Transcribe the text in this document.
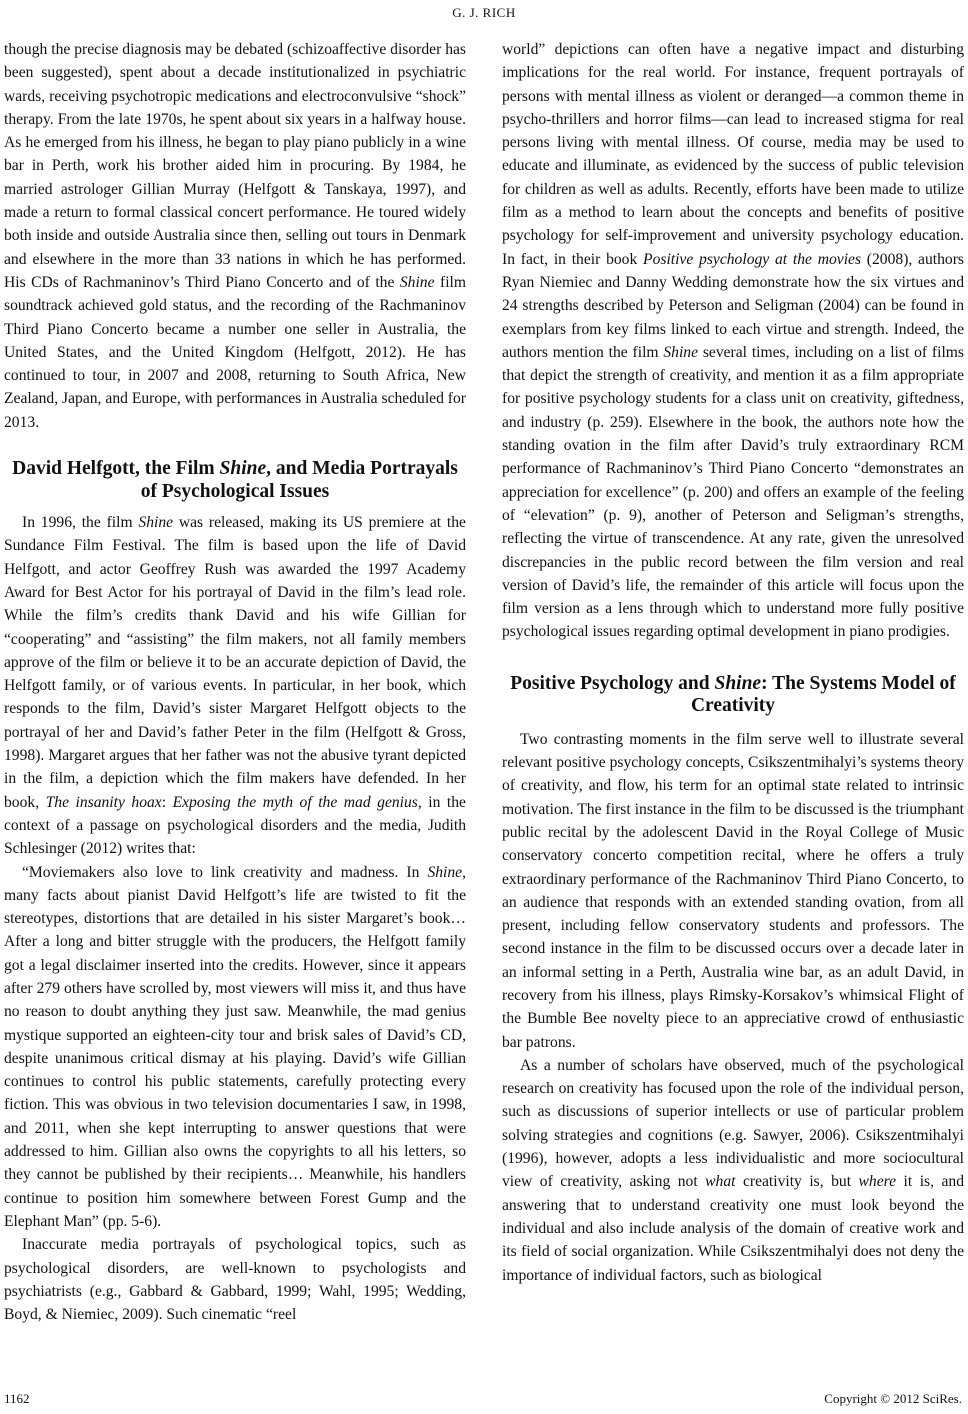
G. J. RICH

though the precise diagnosis may be debated (schizoaffective disorder has been suggested), spent about a decade institutionalized in psychiatric wards, receiving psychotropic medications and electroconvulsive “shock” therapy. From the late 1970s, he spent about six years in a halfway house. As he emerged from his illness, he began to play piano publicly in a wine bar in Perth, work his brother aided him in procuring. By 1984, he married astrologer Gillian Murray (Helfgott & Tanskaya, 1997), and made a return to formal classical concert performance. He toured widely both inside and outside Australia since then, selling out tours in Denmark and elsewhere in the more than 33 nations in which he has performed. His CDs of Rachmaninov’s Third Piano Concerto and of the Shine film soundtrack achieved gold status, and the recording of the Rachmaninov Third Piano Concerto became a number one seller in Australia, the United States, and the United Kingdom (Helfgott, 2012). He has continued to tour, in 2007 and 2008, returning to South Africa, New Zealand, Japan, and Europe, with performances in Australia scheduled for 2013.

David Helfgott, the Film Shine, and Media Portrayals of Psychological Issues

In 1996, the film Shine was released, making its US premiere at the Sundance Film Festival. The film is based upon the life of David Helfgott, and actor Geoffrey Rush was awarded the 1997 Academy Award for Best Actor for his portrayal of David in the film’s lead role. While the film’s credits thank David and his wife Gillian for “cooperating” and “assisting” the film makers, not all family members approve of the film or believe it to be an accurate depiction of David, the Helfgott family, or of various events. In particular, in her book, which responds to the film, David’s sister Margaret Helfgott objects to the portrayal of her and David’s father Peter in the film (Helfgott & Gross, 1998). Margaret argues that her father was not the abusive tyrant depicted in the film, a depiction which the film makers have defended. In her book, The insanity hoax: Exposing the myth of the mad genius, in the context of a passage on psychological disorders and the media, Judith Schlesinger (2012) writes that:

“Moviemakers also love to link creativity and madness. In Shine, many facts about pianist David Helfgott’s life are twisted to fit the stereotypes, distortions that are detailed in his sister Margaret’s book… After a long and bitter struggle with the producers, the Helfgott family got a legal disclaimer inserted into the credits. However, since it appears after 279 others have scrolled by, most viewers will miss it, and thus have no reason to doubt anything they just saw. Meanwhile, the mad genius mystique supported an eighteen-city tour and brisk sales of David’s CD, despite unanimous critical dismay at his playing. David’s wife Gillian continues to control his public statements, carefully protecting every fiction. This was obvious in two television documentaries I saw, in 1998, and 2011, when she kept interrupting to answer questions that were addressed to him. Gillian also owns the copyrights to all his letters, so they cannot be published by their recipients… Meanwhile, his handlers continue to position him somewhere between Forest Gump and the Elephant Man” (pp. 5-6).

Inaccurate media portrayals of psychological topics, such as psychological disorders, are well-known to psychologists and psychiatrists (e.g., Gabbard & Gabbard, 1999; Wahl, 1995; Wedding, Boyd, & Niemiec, 2009). Such cinematic “reel

world” depictions can often have a negative impact and disturbing implications for the real world. For instance, frequent portrayals of persons with mental illness as violent or deranged—a common theme in psycho-thrillers and horror films—can lead to increased stigma for real persons living with mental illness. Of course, media may be used to educate and illuminate, as evidenced by the success of public television for children as well as adults. Recently, efforts have been made to utilize film as a method to learn about the concepts and benefits of positive psychology for self-improvement and university psychology education. In fact, in their book Positive psychology at the movies (2008), authors Ryan Niemiec and Danny Wedding demonstrate how the six virtues and 24 strengths described by Peterson and Seligman (2004) can be found in exemplars from key films linked to each virtue and strength. Indeed, the authors mention the film Shine several times, including on a list of films that depict the strength of creativity, and mention it as a film appropriate for positive psychology students for a class unit on creativity, giftedness, and industry (p. 259). Elsewhere in the book, the authors note how the standing ovation in the film after David’s truly extraordinary RCM performance of Rachmaninov’s Third Piano Concerto “demonstrates an appreciation for excellence” (p. 200) and offers an example of the feeling of “elevation” (p. 9), another of Peterson and Seligman’s strengths, reflecting the virtue of transcendence. At any rate, given the unresolved discrepancies in the public record between the film version and real version of David’s life, the remainder of this article will focus upon the film version as a lens through which to understand more fully positive psychological issues regarding optimal development in piano prodigies.

Positive Psychology and Shine: The Systems Model of Creativity

Two contrasting moments in the film serve well to illustrate several relevant positive psychology concepts, Csikszentmihalyi’s systems theory of creativity, and flow, his term for an optimal state related to intrinsic motivation. The first instance in the film to be discussed is the triumphant public recital by the adolescent David in the Royal College of Music conservatory concerto competition recital, where he offers a truly extraordinary performance of the Rachmaninov Third Piano Concerto, to an audience that responds with an extended standing ovation, from all present, including fellow conservatory students and professors. The second instance in the film to be discussed occurs over a decade later in an informal setting in a Perth, Australia wine bar, as an adult David, in recovery from his illness, plays Rimsky-Korsakov’s whimsical Flight of the Bumble Bee novelty piece to an appreciative crowd of enthusiastic bar patrons.

As a number of scholars have observed, much of the psychological research on creativity has focused upon the role of the individual person, such as discussions of superior intellects or use of particular problem solving strategies and cognitions (e.g. Sawyer, 2006). Csikszentmihalyi (1996), however, adopts a less individualistic and more sociocultural view of creativity, asking not what creativity is, but where it is, and answering that to understand creativity one must look beyond the individual and also include analysis of the domain of creative work and its field of social organization. While Csikszentmihalyi does not deny the importance of individual factors, such as biological

1162	Copyright © 2012 SciRes.
